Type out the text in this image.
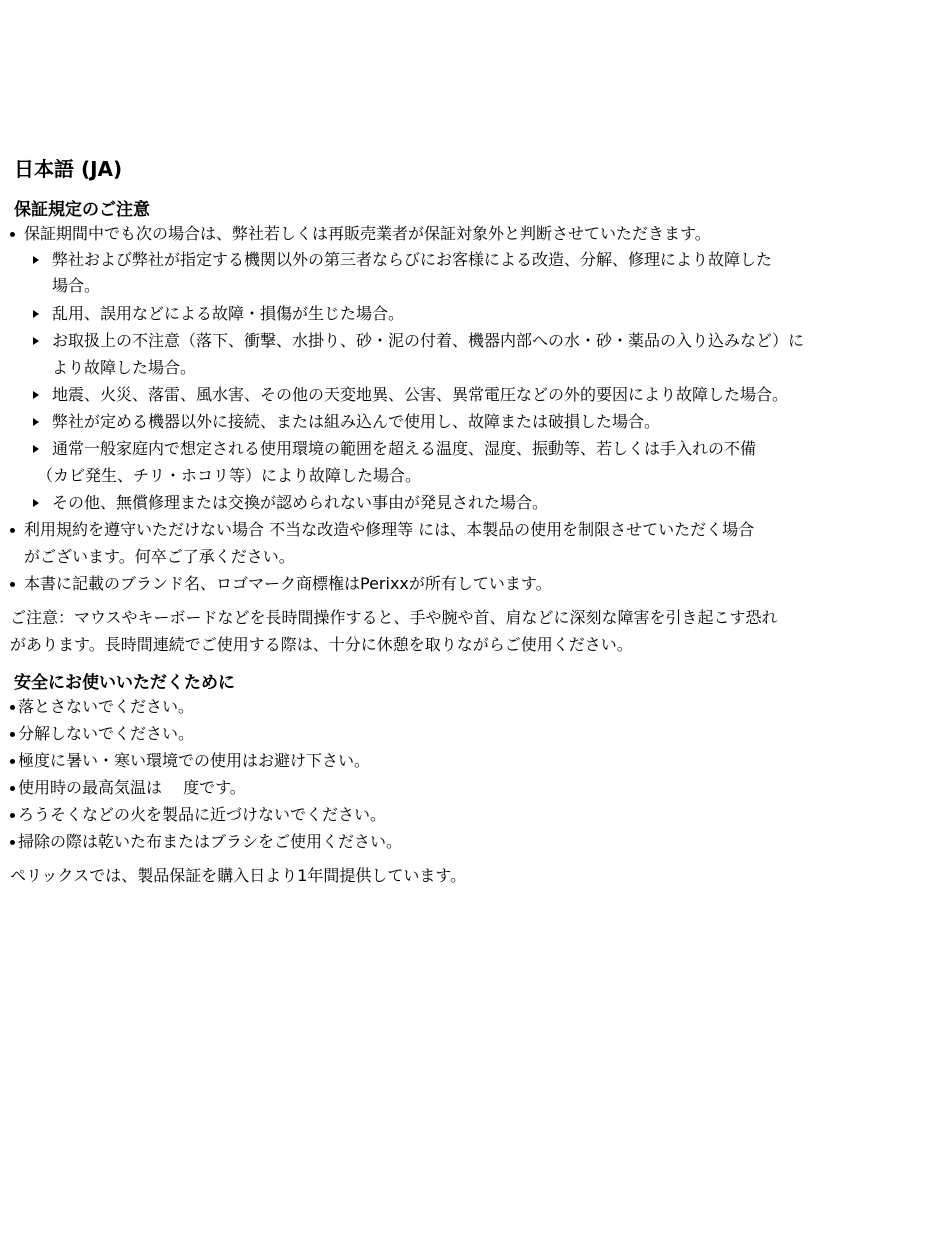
日本語 (JA)
保証規定のご注意
保証期間中でも次の場合は、弊社若しくは再販売業者が保証対象外と判断させていただきます。
弊社および弊社が指定する機関以外の第三者ならびにお客様による改造、分解、修理により故障した
場合。
乱用、誤用などによる故障・損傷が生じた場合。
お取扱上の不注意（落下、衝撃、水掛り、砂・泥の付着、機器内部への水・砂・薬品の入り込みなど）に
より故障した場合。
地震、火災、落雷、風水害、その他の天変地異、公害、異常電圧などの外的要因により故障した場合。
弊社が定める機器以外に接続、または組み込んで使用し、故障または破損した場合。
通常一般家庭内で想定される使用環境の範囲を超える温度、湿度、振動等、若しくは手入れの不備
（カビ発生、チリ・ホコリ等）により故障した場合。
その他、無償修理または交換が認められない事由が発見された場合。
利用規約を遵守いただけない場合 不当な改造や修理等 には、本製品の使用を制限させていただく場合
がございます。何卒ご了承ください。
本書に記載のブランド名、ロゴマーク商標権はPerixxが所有しています。
ご注意：マウスやキーボードなどを長時間操作すると、手や腕や首、肩などに深刻な障害を引き起こす恐れ
があります。長時間連続でご使用する際は、十分に休憩を取りながらご使用ください。
安全にお使いいただくために
落とさないでください。
分解しないでください。
極度に暑い・寒い環境での使用はお避け下さい。
使用時の最高気温は　 度です。
ろうそくなどの火を製品に近づけないでください。
掃除の際は乾いた布またはブラシをご使用ください。
ペリックスでは、製品保証を購入日より1年間提供しています。
